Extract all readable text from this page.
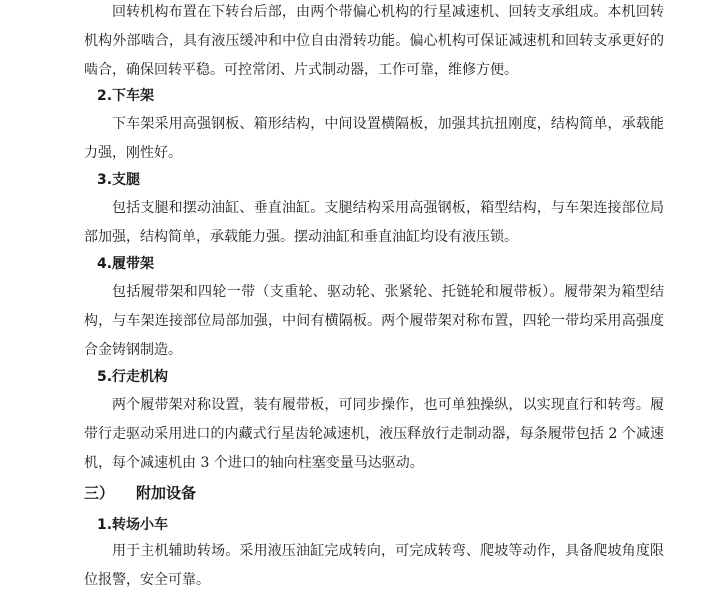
回转机构布置在下转台后部，由两个带偏心机构的行星减速机、回转支承组成。本机回转机构外部啮合，具有液压缓冲和中位自由滑转功能。偏心机构可保证减速机和回转支承更好的啮合，确保回转平稳。可控常闭、片式制动器，工作可靠，维修方便。

2.下车架

下车架采用高强钢板、箱形结构，中间设置横隔板，加强其抗扭刚度，结构简单，承载能力强，刚性好。

3.支腿

包括支腿和摆动油缸、垂直油缸。支腿结构采用高强钢板，箱型结构，与车架连接部位局部加强，结构简单，承载能力强。摆动油缸和垂直油缸均设有液压锁。

4.履带架

包括履带架和四轮一带（支重轮、驱动轮、张紧轮、托链轮和履带板）。履带架为箱型结构，与车架连接部位局部加强，中间有横隔板。两个履带架对称布置，四轮一带均采用高强度合金铸钢制造。

5.行走机构

两个履带架对称设置，装有履带板，可同步操作，也可单独操纵，以实现直行和转弯。履带行走驱动采用进口的内藏式行星齿轮减速机，液压释放行走制动器，每条履带包括 2 个减速机，每个减速机由 3 个进口的轴向柱塞变量马达驱动。

三） 附加设备

1.转场小车

用于主机辅助转场。采用液压油缸完成转向，可完成转弯、爬坡等动作，具备爬坡角度限位报警，安全可靠。
